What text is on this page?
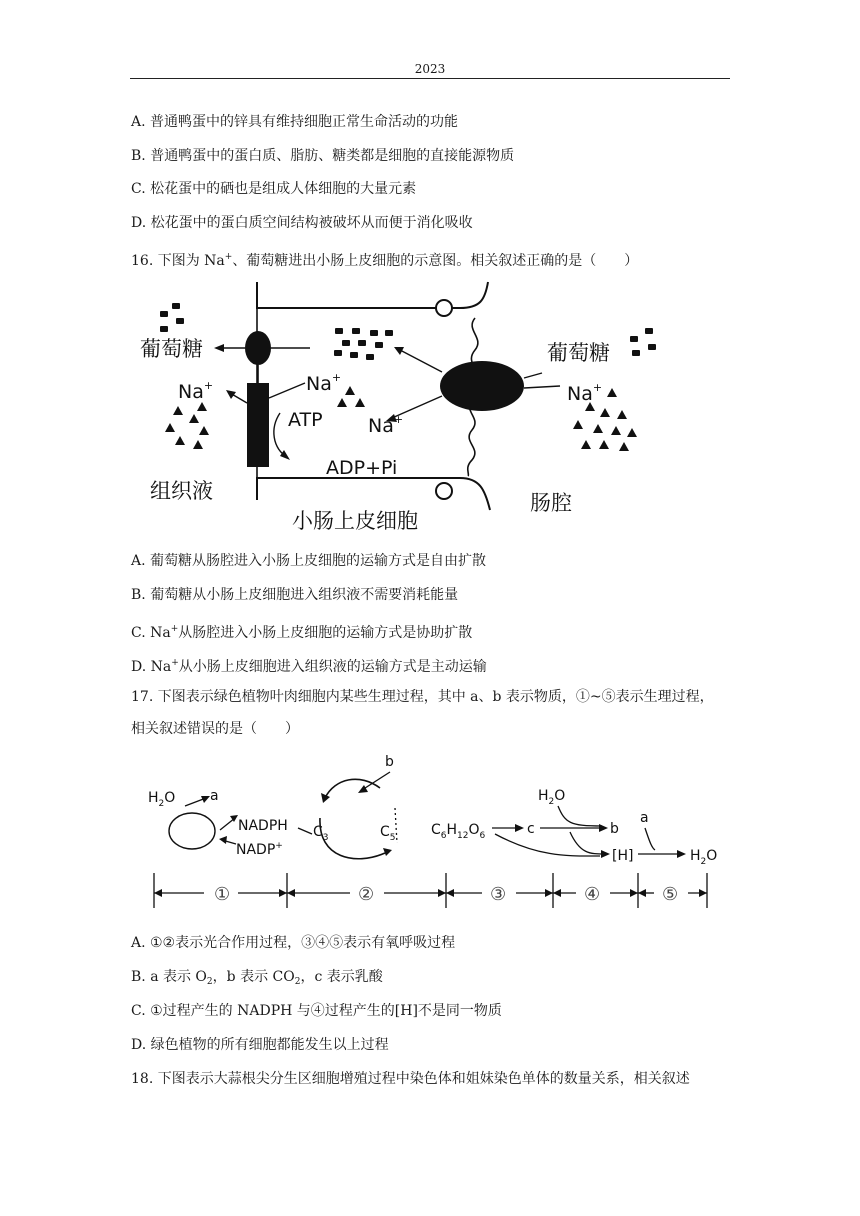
2023
A. 普通鸭蛋中的锌具有维持细胞正常生命活动的功能
B. 普通鸭蛋中的蛋白质、脂肪、糖类都是细胞的直接能源物质
C. 松花蛋中的硒也是组成人体细胞的大量元素
D. 松花蛋中的蛋白质空间结构被破坏从而便于消化吸收
16. 下图为 Na+、葡萄糖进出小肠上皮细胞的示意图。相关叙述正确的是（　　）
葡萄糖	葡萄糖
Na+	Na+
Na+
Na+
ATP
ADP+Pi
组织液
小肠上皮细胞
肠腔
A. 葡萄糖从肠腔进入小肠上皮细胞的运输方式是自由扩散
B. 葡萄糖从小肠上皮细胞进入组织液不需要消耗能量
C. Na+从肠腔进入小肠上皮细胞的运输方式是协助扩散
D. Na+从小肠上皮细胞进入组织液的运输方式是主动运输
17. 下图表示绿色植物叶肉细胞内某些生理过程，其中 a、b 表示物质，①~⑤表示生理过程，
相关叙述错误的是（　　）
$H_2O$ a
NADPH
NADP+
b
$C_3$	$C_5$	$C_6H_{12}O_6$	c
$H_2O$
b
[H]
a
$H_2O$
①	②	③	④	⑤
A. ①②表示光合作用过程，③④⑤表示有氧呼吸过程
B. a 表示 $O_2$，b 表示 $CO_2$，c 表示乳酸
C. ①过程产生的 NADPH 与④过程产生的[H]不是同一物质
D. 绿色植物的所有细胞都能发生以上过程
18. 下图表示大蒜根尖分生区细胞增殖过程中染色体和姐妹染色单体的数量关系，相关叙述
